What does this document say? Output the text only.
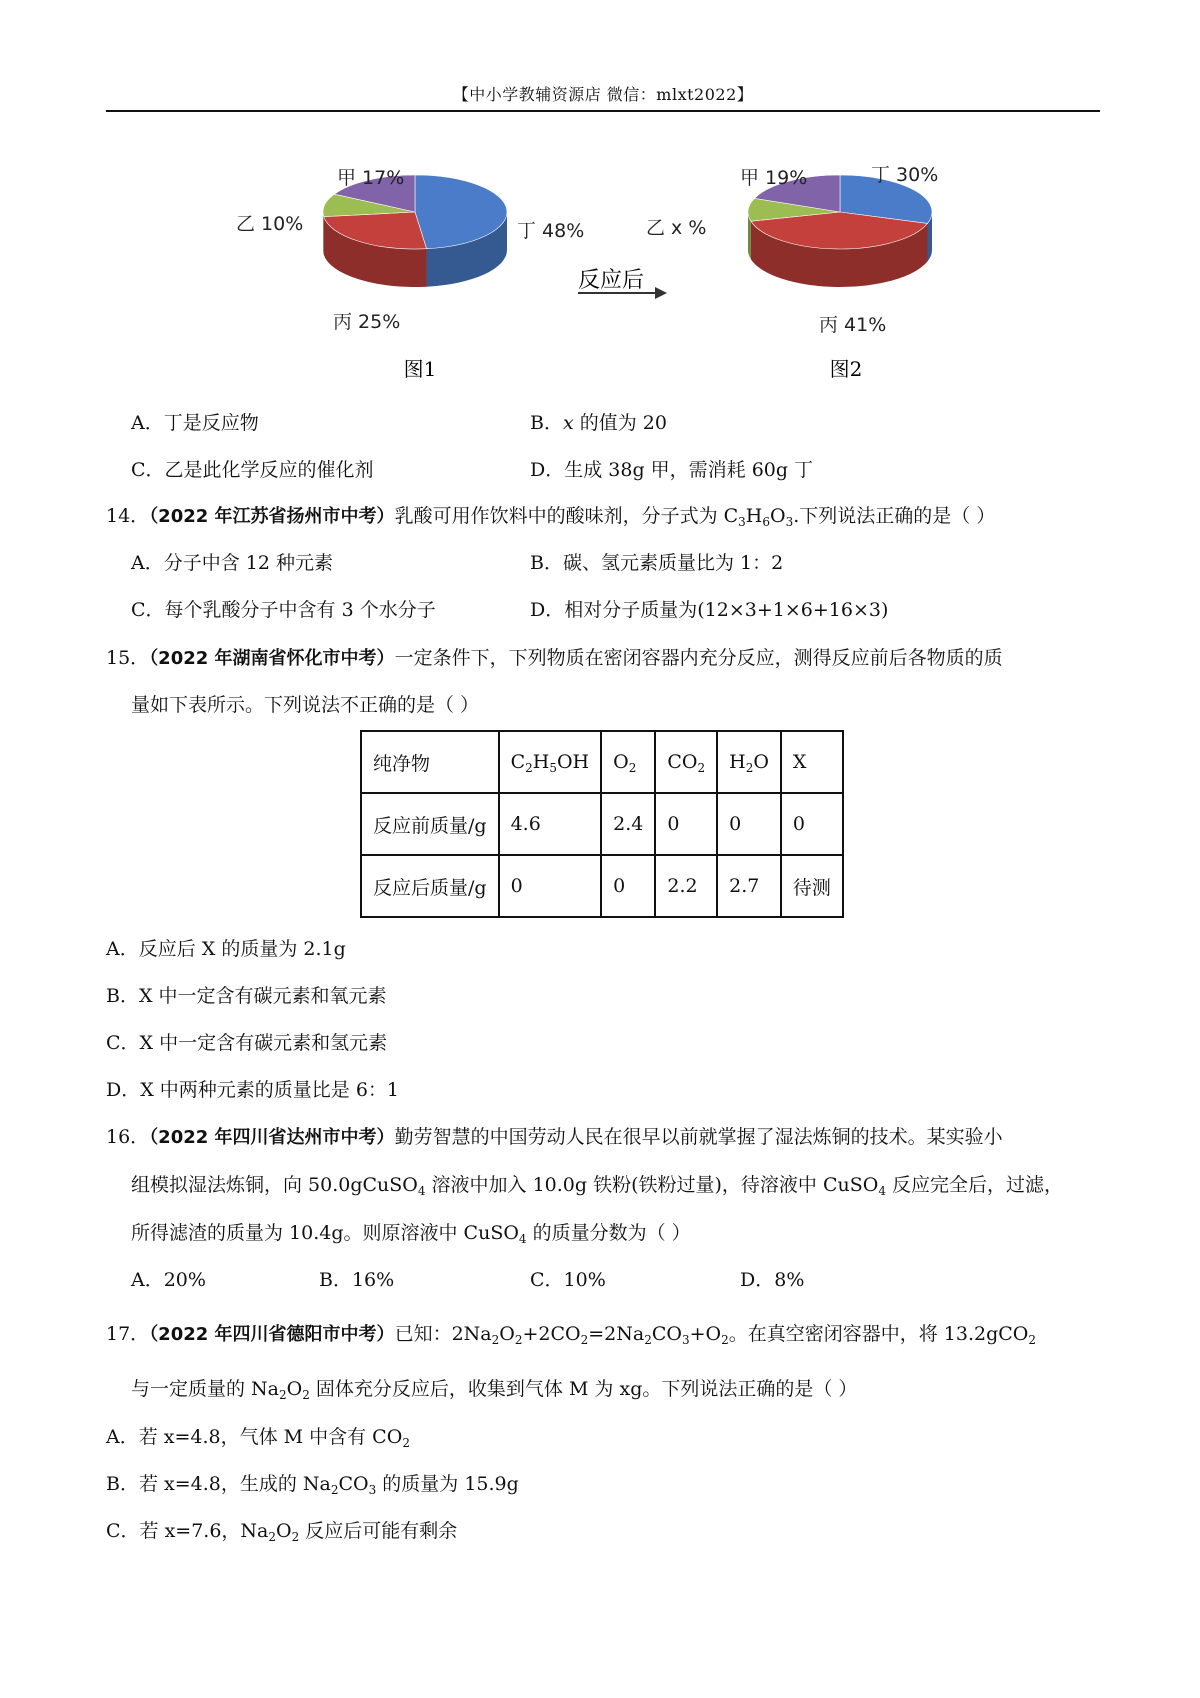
【中小学教辅资源店 微信：mlxt2022】
丁 48%
丙 25%
乙 10%
甲 17%	丁 30%
丙 41%
乙 x %
甲 19%
反应后
图1	图2
A．丁是反应物	B．x 的值为 20
C．乙是此化学反应的催化剂	D．生成 38g 甲，需消耗 60g 丁
14．（2022 年江苏省扬州市中考）乳酸可用作饮料中的酸味剂，分子式为 $C_3H_6O_3$.下列说法正确的是（ ）
A．分子中含 12 种元素	B．碳、氢元素质量比为 1：2
C．每个乳酸分子中含有 3 个水分子	D．相对分子质量为(12×3+1×6+16×3)
15．（2022 年湖南省怀化市中考）一定条件下，下列物质在密闭容器内充分反应，测得反应前后各物质的质
量如下表所示。下列说法不正确的是（ ）
纯净物	$C_2H_5OH$	$O_2$	$CO_2$	$H_2O$	X
反应前质量/g	4.6	2.4	0	0	0
反应后质量/g	0	0	2.2	2.7	待测
A．反应后 X 的质量为 2.1g
B．X 中一定含有碳元素和氧元素
C．X 中一定含有碳元素和氢元素
D．X 中两种元素的质量比是 6：1
16．（2022 年四川省达州市中考）勤劳智慧的中国劳动人民在很早以前就掌握了湿法炼铜的技术。某实验小
组模拟湿法炼铜，向 50.0gCuSO$_4$ 溶液中加入 10.0g 铁粉(铁粉过量)，待溶液中 CuSO$_4$ 反应完全后，过滤，
所得滤渣的质量为 10.4g。则原溶液中 CuSO$_4$ 的质量分数为（ ）
A．20%	B．16%	C．10%	D．8%
17．（2022 年四川省德阳市中考）已知：$2Na_2O_2+2CO_2=2Na_2CO_3+O_2$。在真空密闭容器中，将 13.2gCO$_2$
与一定质量的 $Na_2O_2$ 固体充分反应后，收集到气体 M 为 xg。下列说法正确的是（ ）
A．若 x=4.8，气体 M 中含有 $CO_2$
B．若 x=4.8，生成的 $Na_2CO_3$ 的质量为 15.9g
C．若 x=7.6，$Na_2O_2$ 反应后可能有剩余
